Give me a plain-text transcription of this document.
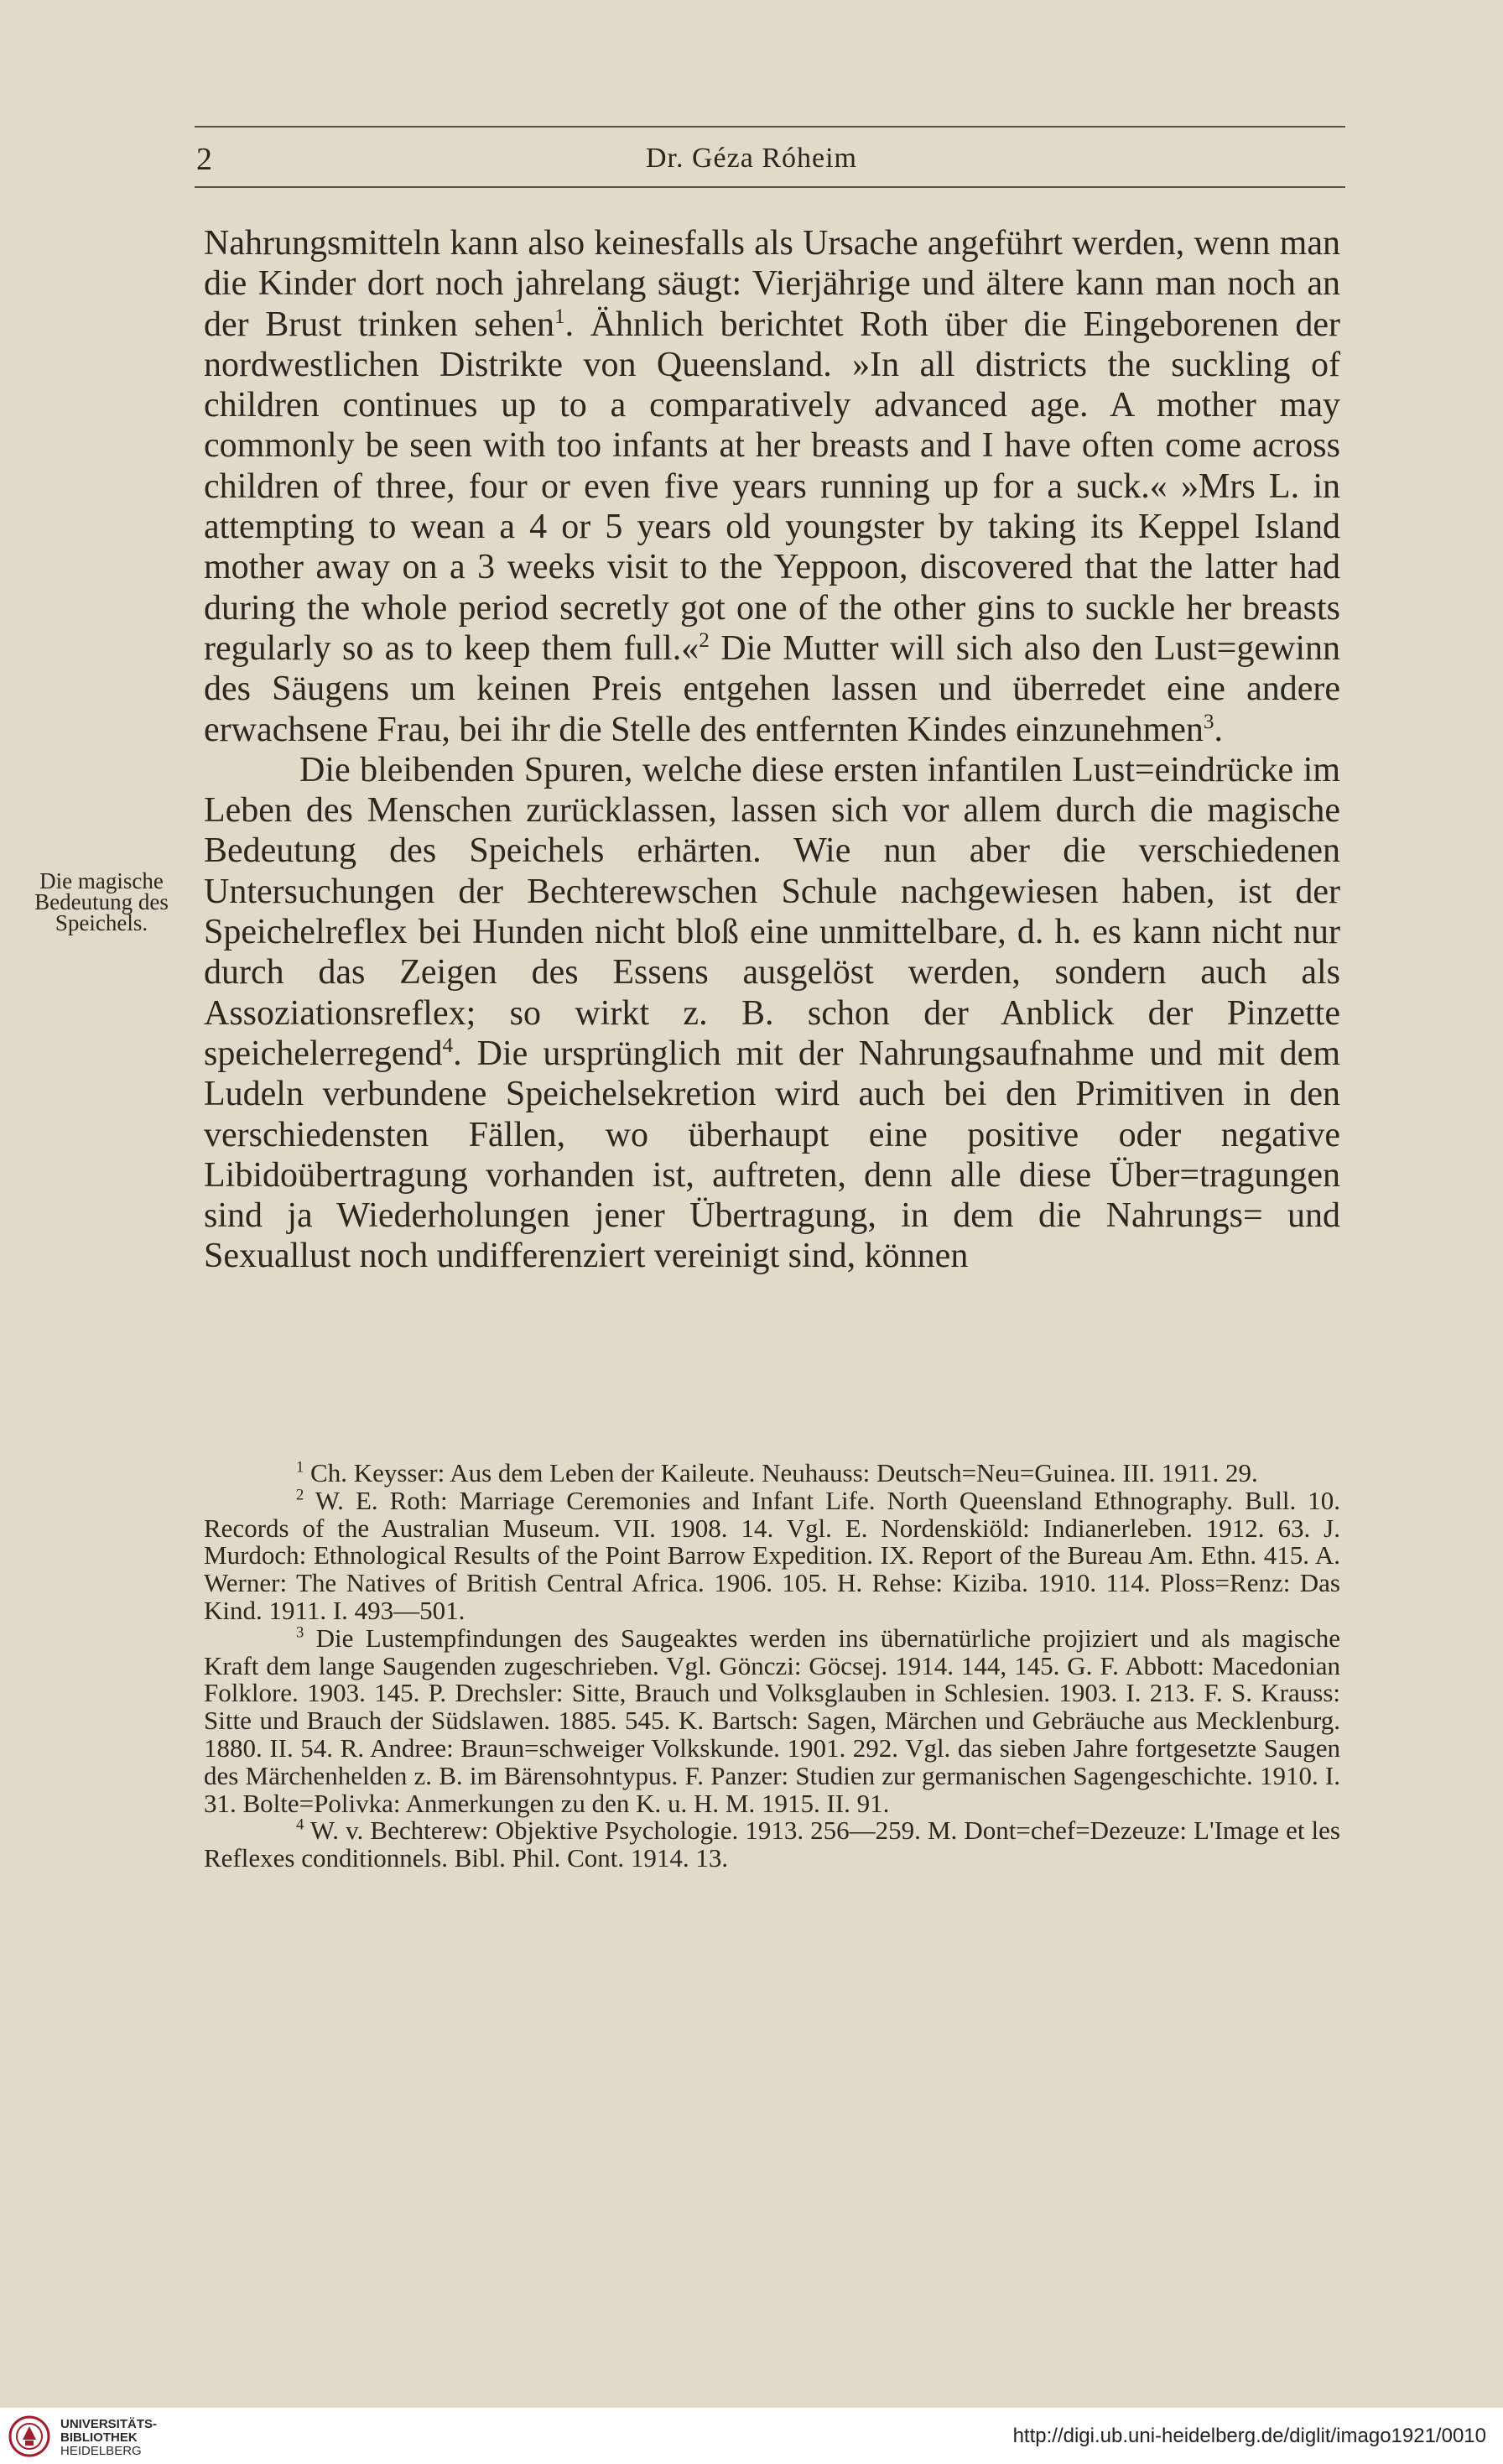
2	Dr. Géza Róheim
Die magische
Bedeutung des
Speichels.

Nahrungsmitteln kann also keinesfalls als Ursache angeführt werden, wenn man die Kinder dort noch jahrelang säugt: Vierjährige und ältere kann man noch an der Brust trinken sehen$^1$. Ähnlich berichtet Roth über die Eingeborenen der nordwestlichen Distrikte von Queensland. »In all districts the suckling of children continues up to a comparatively advanced age. A mother may commonly be seen with too infants at her breasts and I have often come across children of three, four or even five years running up for a suck.« »Mrs L. in attempting to wean a 4 or 5 years old youngster by taking its Keppel Island mother away on a 3 weeks visit to the Yeppoon, discovered that the latter had during the whole period secretly got one of the other gins to suckle her breasts regularly so as to keep them full.«$^2$ Die Mutter will sich also den Lust=gewinn des Säugens um keinen Preis entgehen lassen und überredet eine andere erwachsene Frau, bei ihr die Stelle des entfernten Kindes einzunehmen$^3$.

Die bleibenden Spuren, welche diese ersten infantilen Lust=eindrücke im Leben des Menschen zurücklassen, lassen sich vor allem durch die magische Bedeutung des Speichels erhärten. Wie nun aber die verschiedenen Untersuchungen der Bechterewschen Schule nachgewiesen haben, ist der Speichelreflex bei Hunden nicht bloß eine unmittelbare, d. h. es kann nicht nur durch das Zeigen des Essens ausgelöst werden, sondern auch als Assoziationsreflex; so wirkt z. B. schon der Anblick der Pinzette speichelerregend$^4$. Die ursprünglich mit der Nahrungsaufnahme und mit dem Ludeln verbundene Speichelsekretion wird auch bei den Primitiven in den verschiedensten Fällen, wo überhaupt eine positive oder negative Libidoübertragung vorhanden ist, auftreten, denn alle diese Über=tragungen sind ja Wiederholungen jener Übertragung, in dem die Nahrungs= und Sexuallust noch undifferenziert vereinigt sind, können

$^1$ Ch. Keysser: Aus dem Leben der Kaileute. Neuhauss: Deutsch=Neu=Guinea. III. 1911. 29.

$^2$ W. E. Roth: Marriage Ceremonies and Infant Life. North Queensland Ethnography. Bull. 10. Records of the Australian Museum. VII. 1908. 14. Vgl. E. Nordenskiöld: Indianerleben. 1912. 63. J. Murdoch: Ethnological Results of the Point Barrow Expedition. IX. Report of the Bureau Am. Ethn. 415. A. Werner: The Natives of British Central Africa. 1906. 105. H. Rehse: Kiziba. 1910. 114. Ploss=Renz: Das Kind. 1911. I. 493—501.

$^3$ Die Lustempfindungen des Saugeaktes werden ins übernatürliche projiziert und als magische Kraft dem lange Saugenden zugeschrieben. Vgl. Gönczi: Göcsej. 1914. 144, 145. G. F. Abbott: Macedonian Folklore. 1903. 145. P. Drechsler: Sitte, Brauch und Volksglauben in Schlesien. 1903. I. 213. F. S. Krauss: Sitte und Brauch der Südslawen. 1885. 545. K. Bartsch: Sagen, Märchen und Gebräuche aus Mecklenburg. 1880. II. 54. R. Andree: Braun=schweiger Volkskunde. 1901. 292. Vgl. das sieben Jahre fortgesetzte Saugen des Märchenhelden z. B. im Bärensohntypus. F. Panzer: Studien zur germanischen Sagengeschichte. 1910. I. 31. Bolte=Polivka: Anmerkungen zu den K. u. H. M. 1915. II. 91.

$^4$ W. v. Bechterew: Objektive Psychologie. 1913. 256—259. M. Dont=chef=Dezeuze: L'Image et les Reflexes conditionnels. Bibl. Phil. Cont. 1914. 13.

UNIVERSITÄTS-
BIBLIOTHEK
HEIDELBERG
http://digi.ub.uni-heidelberg.de/diglit/imago1921/0010
